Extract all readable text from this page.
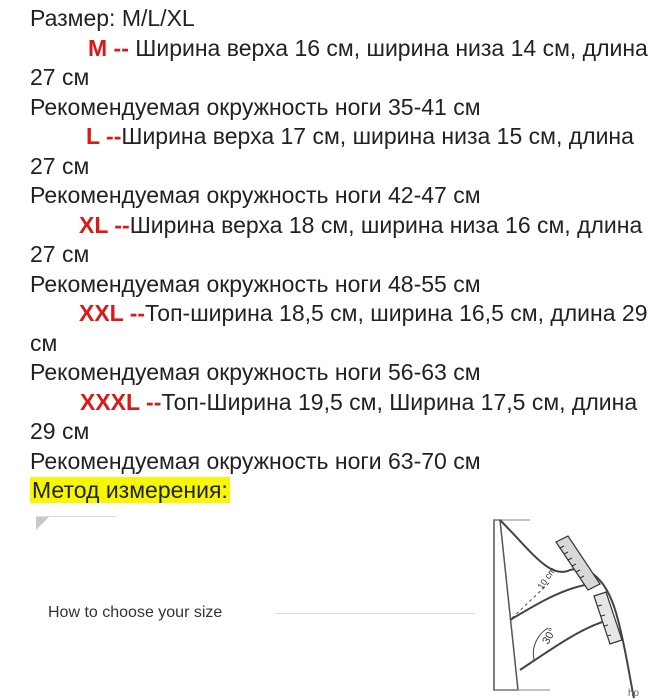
Размер: M/L/XL
M -- Ширина верха 16 см, ширина низа 14 см, длина 27 см
Рекомендуемая окружность ноги 35-41 см
L --Ширина верха 17 см, ширина низа 15 см, длина 27 см
Рекомендуемая окружность ноги 42-47 см
XL --Ширина верха 18 см, ширина низа 16 см, длина 27 см
Рекомендуемая окружность ноги 48-55 см
XXL --Топ-ширина 18,5 см, ширина 16,5 см, длина 29 см
Рекомендуемая окружность ноги 56-63 см
XXXL --Топ-Ширина 19,5 см, Ширина 17,5 см, длина 29 см
Рекомендуемая окружность ноги 63-70 см
Метод измерения:
How to choose your size
10 cm
30°
ho
